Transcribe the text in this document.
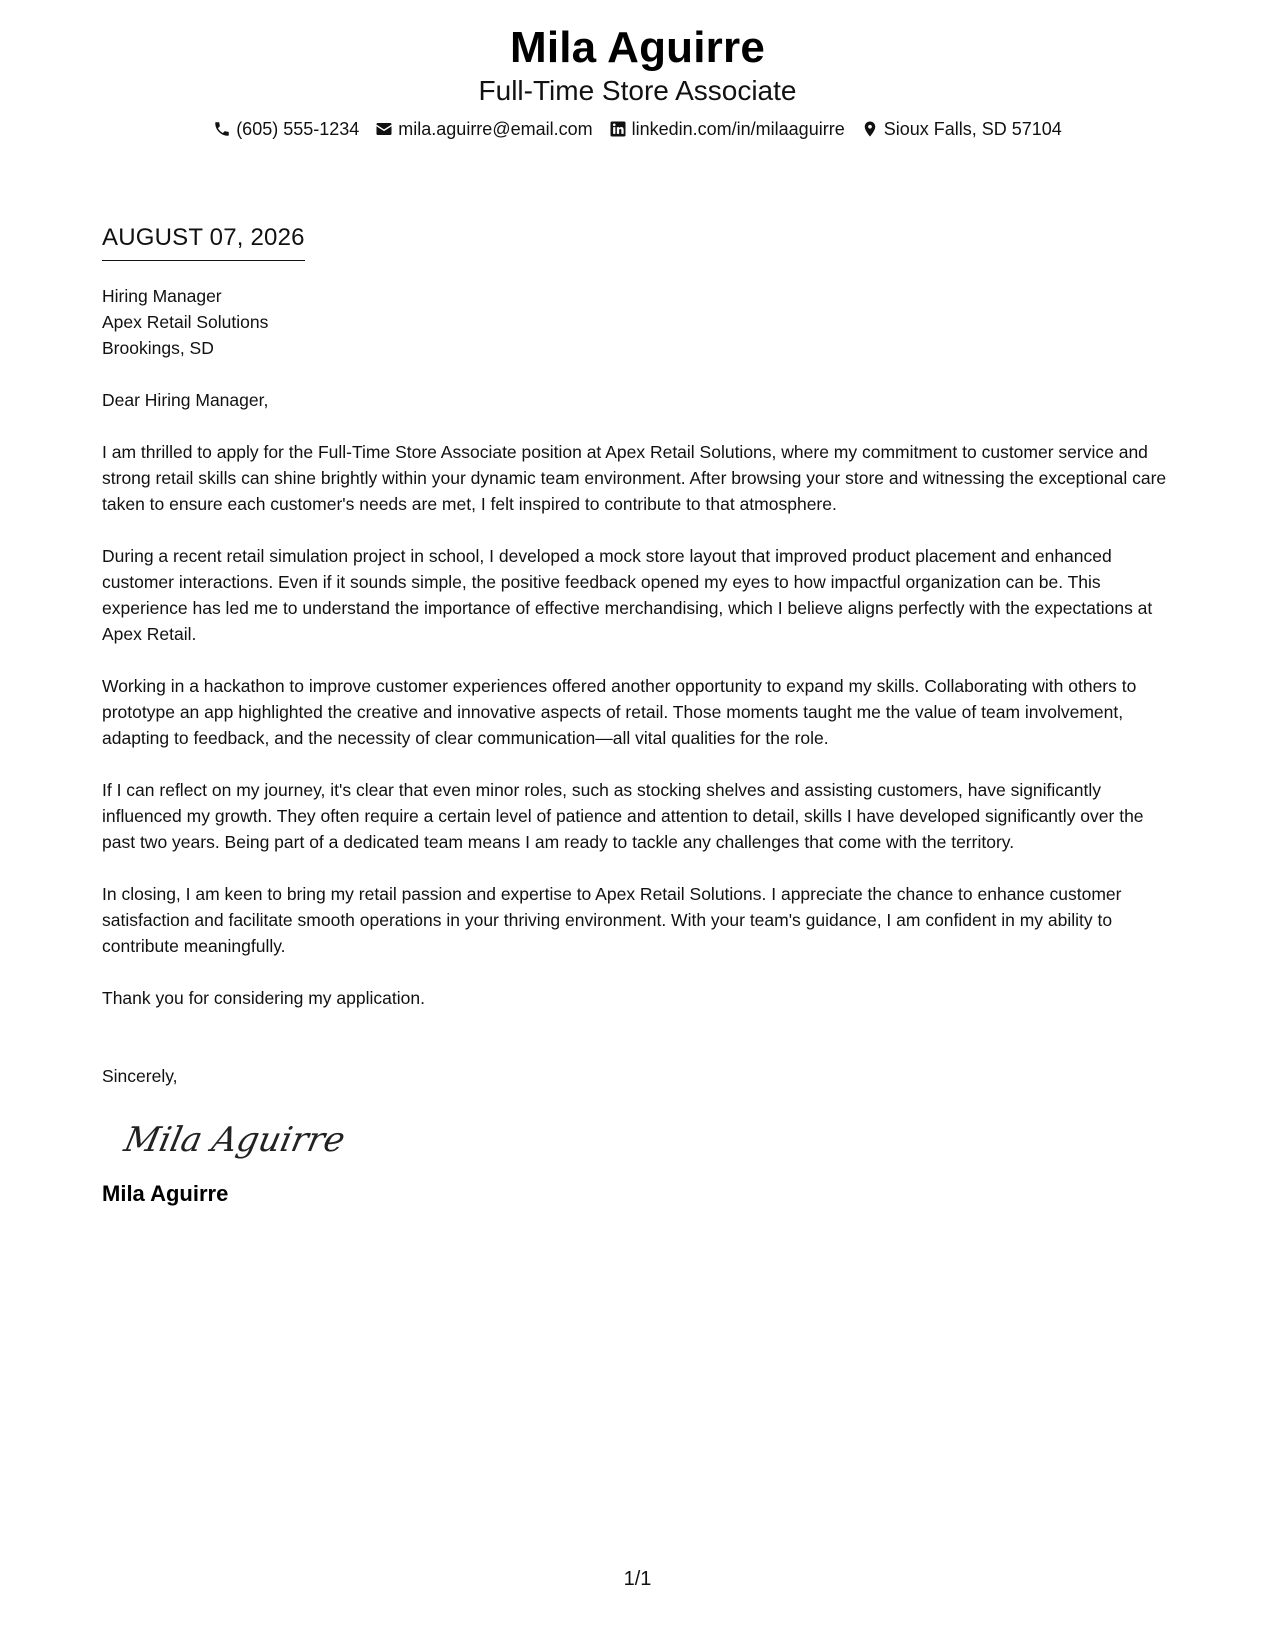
Mila Aguirre
Full-Time Store Associate
(605) 555-1234 mila.aguirre@email.com linkedin.com/in/milaaguirre Sioux Falls, SD 57104
AUGUST 07, 2026
Hiring Manager
Apex Retail Solutions
Brookings, SD
Dear Hiring Manager,
I am thrilled to apply for the Full-Time Store Associate position at Apex Retail Solutions, where my commitment to customer service and strong retail skills can shine brightly within your dynamic team environment. After browsing your store and witnessing the exceptional care taken to ensure each customer's needs are met, I felt inspired to contribute to that atmosphere.
During a recent retail simulation project in school, I developed a mock store layout that improved product placement and enhanced customer interactions. Even if it sounds simple, the positive feedback opened my eyes to how impactful organization can be. This experience has led me to understand the importance of effective merchandising, which I believe aligns perfectly with the expectations at Apex Retail.
Working in a hackathon to improve customer experiences offered another opportunity to expand my skills. Collaborating with others to prototype an app highlighted the creative and innovative aspects of retail. Those moments taught me the value of team involvement, adapting to feedback, and the necessity of clear communication—all vital qualities for the role.
If I can reflect on my journey, it's clear that even minor roles, such as stocking shelves and assisting customers, have significantly influenced my growth. They often require a certain level of patience and attention to detail, skills I have developed significantly over the past two years. Being part of a dedicated team means I am ready to tackle any challenges that come with the territory.
In closing, I am keen to bring my retail passion and expertise to Apex Retail Solutions. I appreciate the chance to enhance customer satisfaction and facilitate smooth operations in your thriving environment. With your team's guidance, I am confident in my ability to contribute meaningfully.
Thank you for considering my application.
Sincerely,
Mila Aguirre
Mila Aguirre
1/1
